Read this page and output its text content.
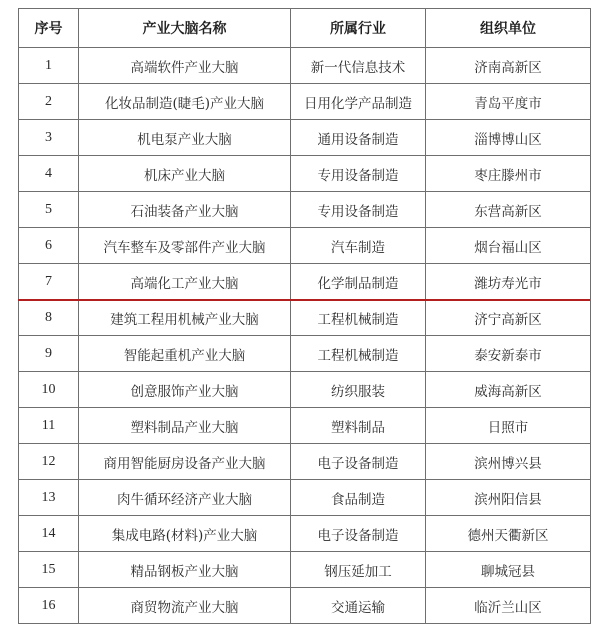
序号	产业大脑名称	所属行业	组织单位
1	高端软件产业大脑	新一代信息技术	济南高新区
2	化妆品制造(睫毛)产业大脑	日用化学产品制造	青岛平度市
3	机电泵产业大脑	通用设备制造	淄博博山区
4	机床产业大脑	专用设备制造	枣庄滕州市
5	石油装备产业大脑	专用设备制造	东营高新区
6	汽车整车及零部件产业大脑	汽车制造	烟台福山区
7	高端化工产业大脑	化学制品制造	潍坊寿光市
8	建筑工程用机械产业大脑	工程机械制造	济宁高新区
9	智能起重机产业大脑	工程机械制造	泰安新泰市
10	创意服饰产业大脑	纺织服装	威海高新区
11	塑料制品产业大脑	塑料制品	日照市
12	商用智能厨房设备产业大脑	电子设备制造	滨州博兴县
13	肉牛循环经济产业大脑	食品制造	滨州阳信县
14	集成电路(材料)产业大脑	电子设备制造	德州天衢新区
15	精品钢板产业大脑	钢压延加工	聊城冠县
16	商贸物流产业大脑	交通运输	临沂兰山区
